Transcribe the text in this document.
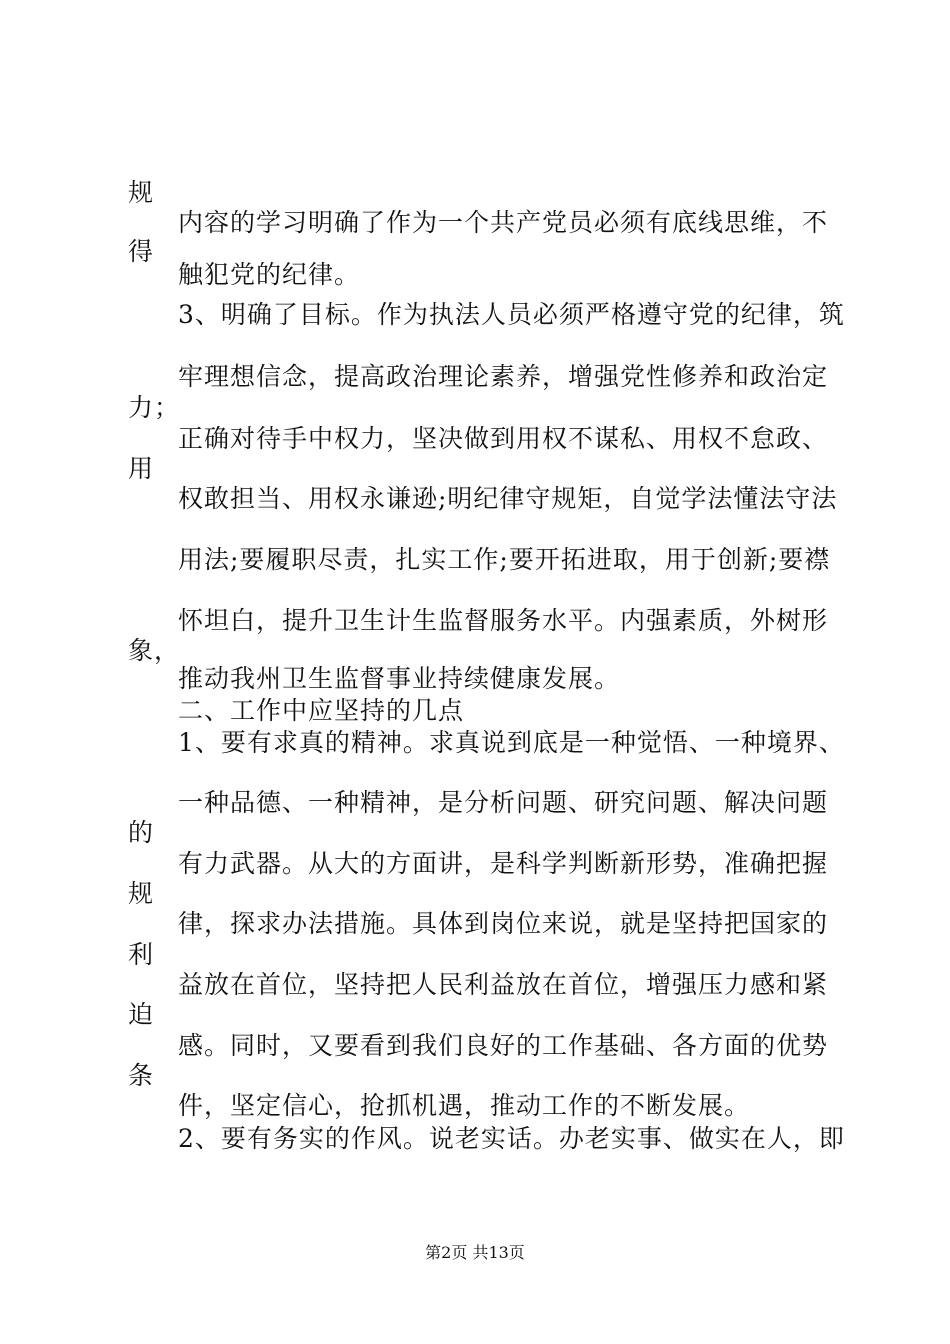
规
内容的学习明确了作为一个共产党员必须有底线思维，不
得
触犯党的纪律。
3、明确了目标。作为执法人员必须严格遵守党的纪律，筑
牢理想信念，提高政治理论素养，增强党性修养和政治定
力；
正确对待手中权力，坚决做到用权不谋私、用权不怠政、
用
权敢担当、用权永谦逊;明纪律守规矩，自觉学法懂法守法
用法;要履职尽责，扎实工作;要开拓进取，用于创新;要襟
怀坦白，提升卫生计生监督服务水平。内强素质，外树形
象，
推动我州卫生监督事业持续健康发展。
二、工作中应坚持的几点
1、要有求真的精神。求真说到底是一种觉悟、一种境界、
一种品德、一种精神，是分析问题、研究问题、解决问题
的
有力武器。从大的方面讲，是科学判断新形势，准确把握
规
律，探求办法措施。具体到岗位来说，就是坚持把国家的
利
益放在首位，坚持把人民利益放在首位，增强压力感和紧
迫
感。同时，又要看到我们良好的工作基础、各方面的优势
条
件，坚定信心，抢抓机遇，推动工作的不断发展。
2、要有务实的作风。说老实话。办老实事、做实在人，即
第2页 共13页
